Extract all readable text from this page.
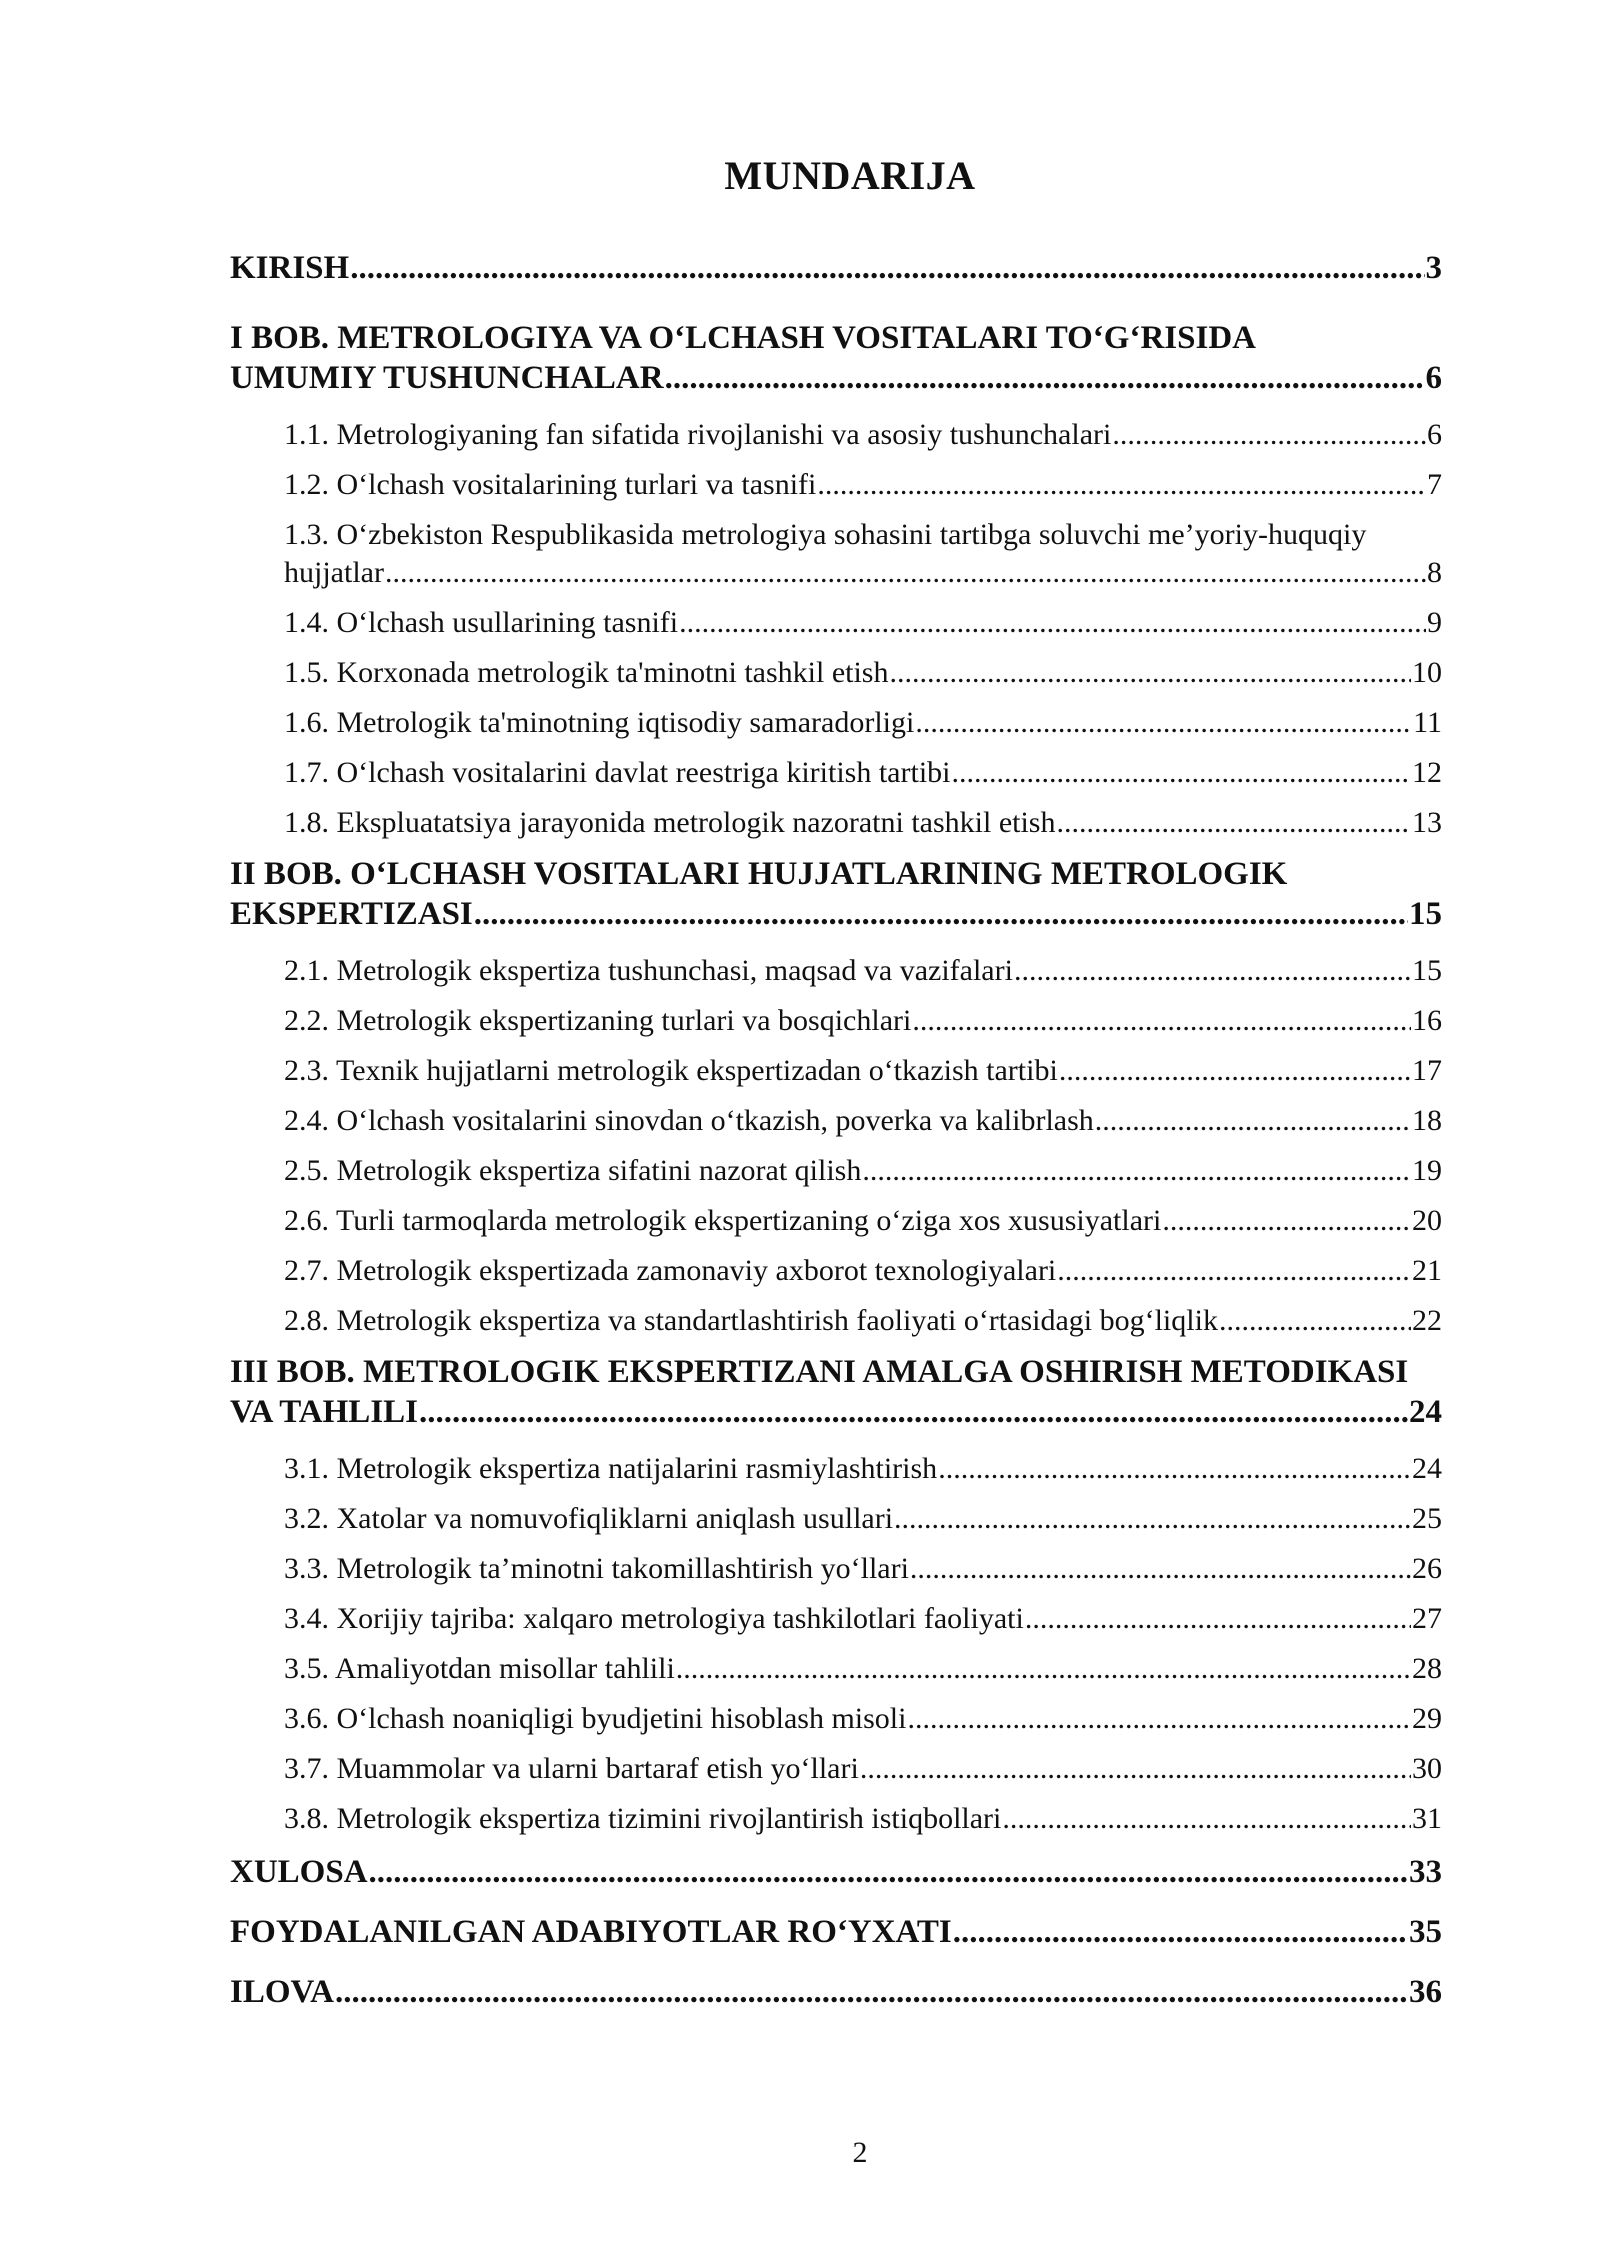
MUNDARIJA
KIRISH .....	3
I BOB. METROLOGIYA VA O‘LCHASH VOSITALARI TO‘G‘RISIDA
UMUMIY TUSHUNCHALAR .....	6
1.1. Metrologiyaning fan sifatida rivojlanishi va asosiy tushunchalari .....	6
1.2. O‘lchash vositalarining turlari va tasnifi .....	7
1.3. O‘zbekiston Respublikasida metrologiya sohasini tartibga soluvchi me’yoriy-huquqiy
hujjatlar .....	8
1.4. O‘lchash usullarining tasnifi .....	9
1.5. Korxonada metrologik ta'minotni tashkil etish .....	10
1.6. Metrologik ta'minotning iqtisodiy samaradorligi .....	11
1.7. O‘lchash vositalarini davlat reestriga kiritish tartibi .....	12
1.8. Ekspluatatsiya jarayonida metrologik nazoratni tashkil etish .....	13
II BOB. O‘LCHASH VOSITALARI HUJJATLARINING METROLOGIK
EKSPERTIZASI .....	15
2.1. Metrologik ekspertiza tushunchasi, maqsad va vazifalari .....	15
2.2. Metrologik ekspertizaning turlari va bosqichlari .....	16
2.3. Texnik hujjatlarni metrologik ekspertizadan o‘tkazish tartibi .....	17
2.4. O‘lchash vositalarini sinovdan o‘tkazish, poverka va kalibrlash .....	18
2.5. Metrologik ekspertiza sifatini nazorat qilish .....	19
2.6. Turli tarmoqlarda metrologik ekspertizaning o‘ziga xos xususiyatlari .....	20
2.7. Metrologik ekspertizada zamonaviy axborot texnologiyalari .....	21
2.8. Metrologik ekspertiza va standartlashtirish faoliyati o‘rtasidagi bog‘liqlik .....	22
III BOB. METROLOGIK EKSPERTIZANI AMALGA OSHIRISH METODIKASI
VA TAHLILI .....	24
3.1. Metrologik ekspertiza natijalarini rasmiylashtirish .....	24
3.2. Xatolar va nomuvofiqliklarni aniqlash usullari .....	25
3.3. Metrologik ta’minotni takomillashtirish yo‘llari .....	26
3.4. Xorijiy tajriba: xalqaro metrologiya tashkilotlari faoliyati .....	27
3.5. Amaliyotdan misollar tahlili .....	28
3.6. O‘lchash noaniqligi byudjetini hisoblash misoli .....	29
3.7. Muammolar va ularni bartaraf etish yo‘llari .....	30
3.8. Metrologik ekspertiza tizimini rivojlantirish istiqbollari .....	31
XULOSA .....	33
FOYDALANILGAN ADABIYOTLAR RO‘YXATI .....	35
ILOVA .....	36
2
